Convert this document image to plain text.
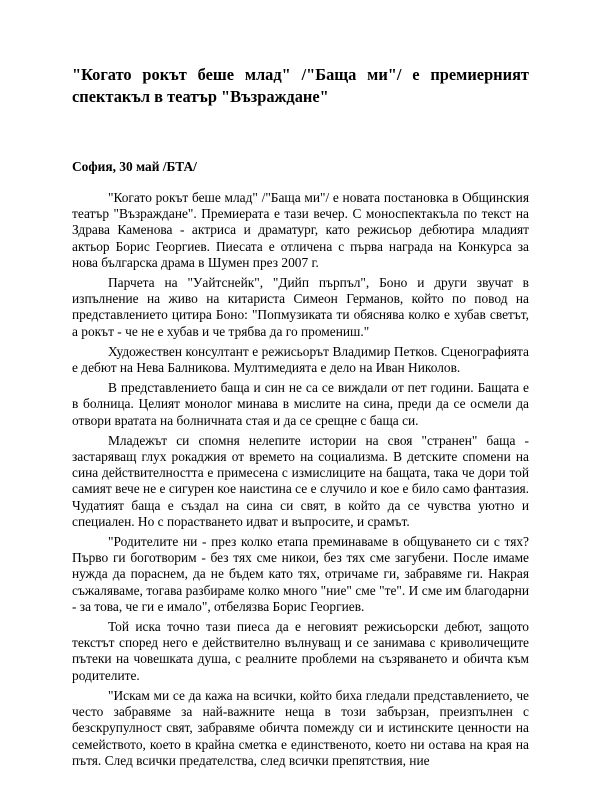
"Когато рокът беше млад" /"Баща ми"/ е премиерният спектакъл в театър "Възраждане"
София, 30 май /БТА/

"Когато рокът беше млад" /"Баща ми"/ е новата постановка в Общинския театър "Възраждане". Премиерата е тази вечер. С моноспектакъла по текст на Здрава Каменова - актриса и драматург, като режисьор дебютира младият актьор Борис Георгиев. Пиесата е отличена с първа награда на Конкурса за нова българска драма в Шумен през 2007 г.

Парчета на "Уайтснейк", "Дийп пърпъл", Боно и други звучат в изпълнение на живо на китариста Симеон Германов, който по повод на представлението цитира Боно: "Попмузиката ти обяснява колко е хубав светът, а рокът - че не е хубав и че трябва да го промениш."

Художествен консултант е режисьорът Владимир Петков. Сценографията е дебют на Нева Балникова. Мултимедията е дело на Иван Николов.

В представлението баща и син не са се виждали от пет години. Бащата е в болница. Целият монолог минава в мислите на сина, преди да се осмели да отвори вратата на болничната стая и да се срещне с баща си.

Младежът си спомня нелепите истории на своя "странен" баща - застаряващ глух рокаджия от времето на социализма. В детските спомени на сина действителността е примесена с измислиците на бащата, така че дори той самият вече не е сигурен кое наистина се е случило и кое е било само фантазия. Чудатият баща е създал на сина си свят, в който да се чувства уютно и специален. Но с порастването идват и въпросите, и срамът.

"Родителите ни - през колко етапа преминаваме в общуването си с тях? Първо ги боготворим - без тях сме никои, без тях сме загубени. После имаме нужда да пораснем, да не бъдем като тях, отричаме ги, забравяме ги. Накрая съжаляваме, тогава разбираме колко много "ние" сме "те". И сме им благодарни - за това, че ги е имало", отбелязва Борис Георгиев.

Той иска точно тази пиеса да е неговият режисьорски дебют, защото текстът според него е действително вълнуващ и се занимава с криволичещите пътеки на човешката душа, с реалните проблеми на съзряването и обичта към родителите.

"Искам ми се да кажа на всички, който биха гледали представлението, че често забравяме за най-важните неща в този забързан, преизпълнен с безскрупулност свят, забравяме обичта помежду си и истинските ценности на семейството, което в крайна сметка е единственото, което ни остава на края на пътя. След всички предателства, след всички препятствия, ние
